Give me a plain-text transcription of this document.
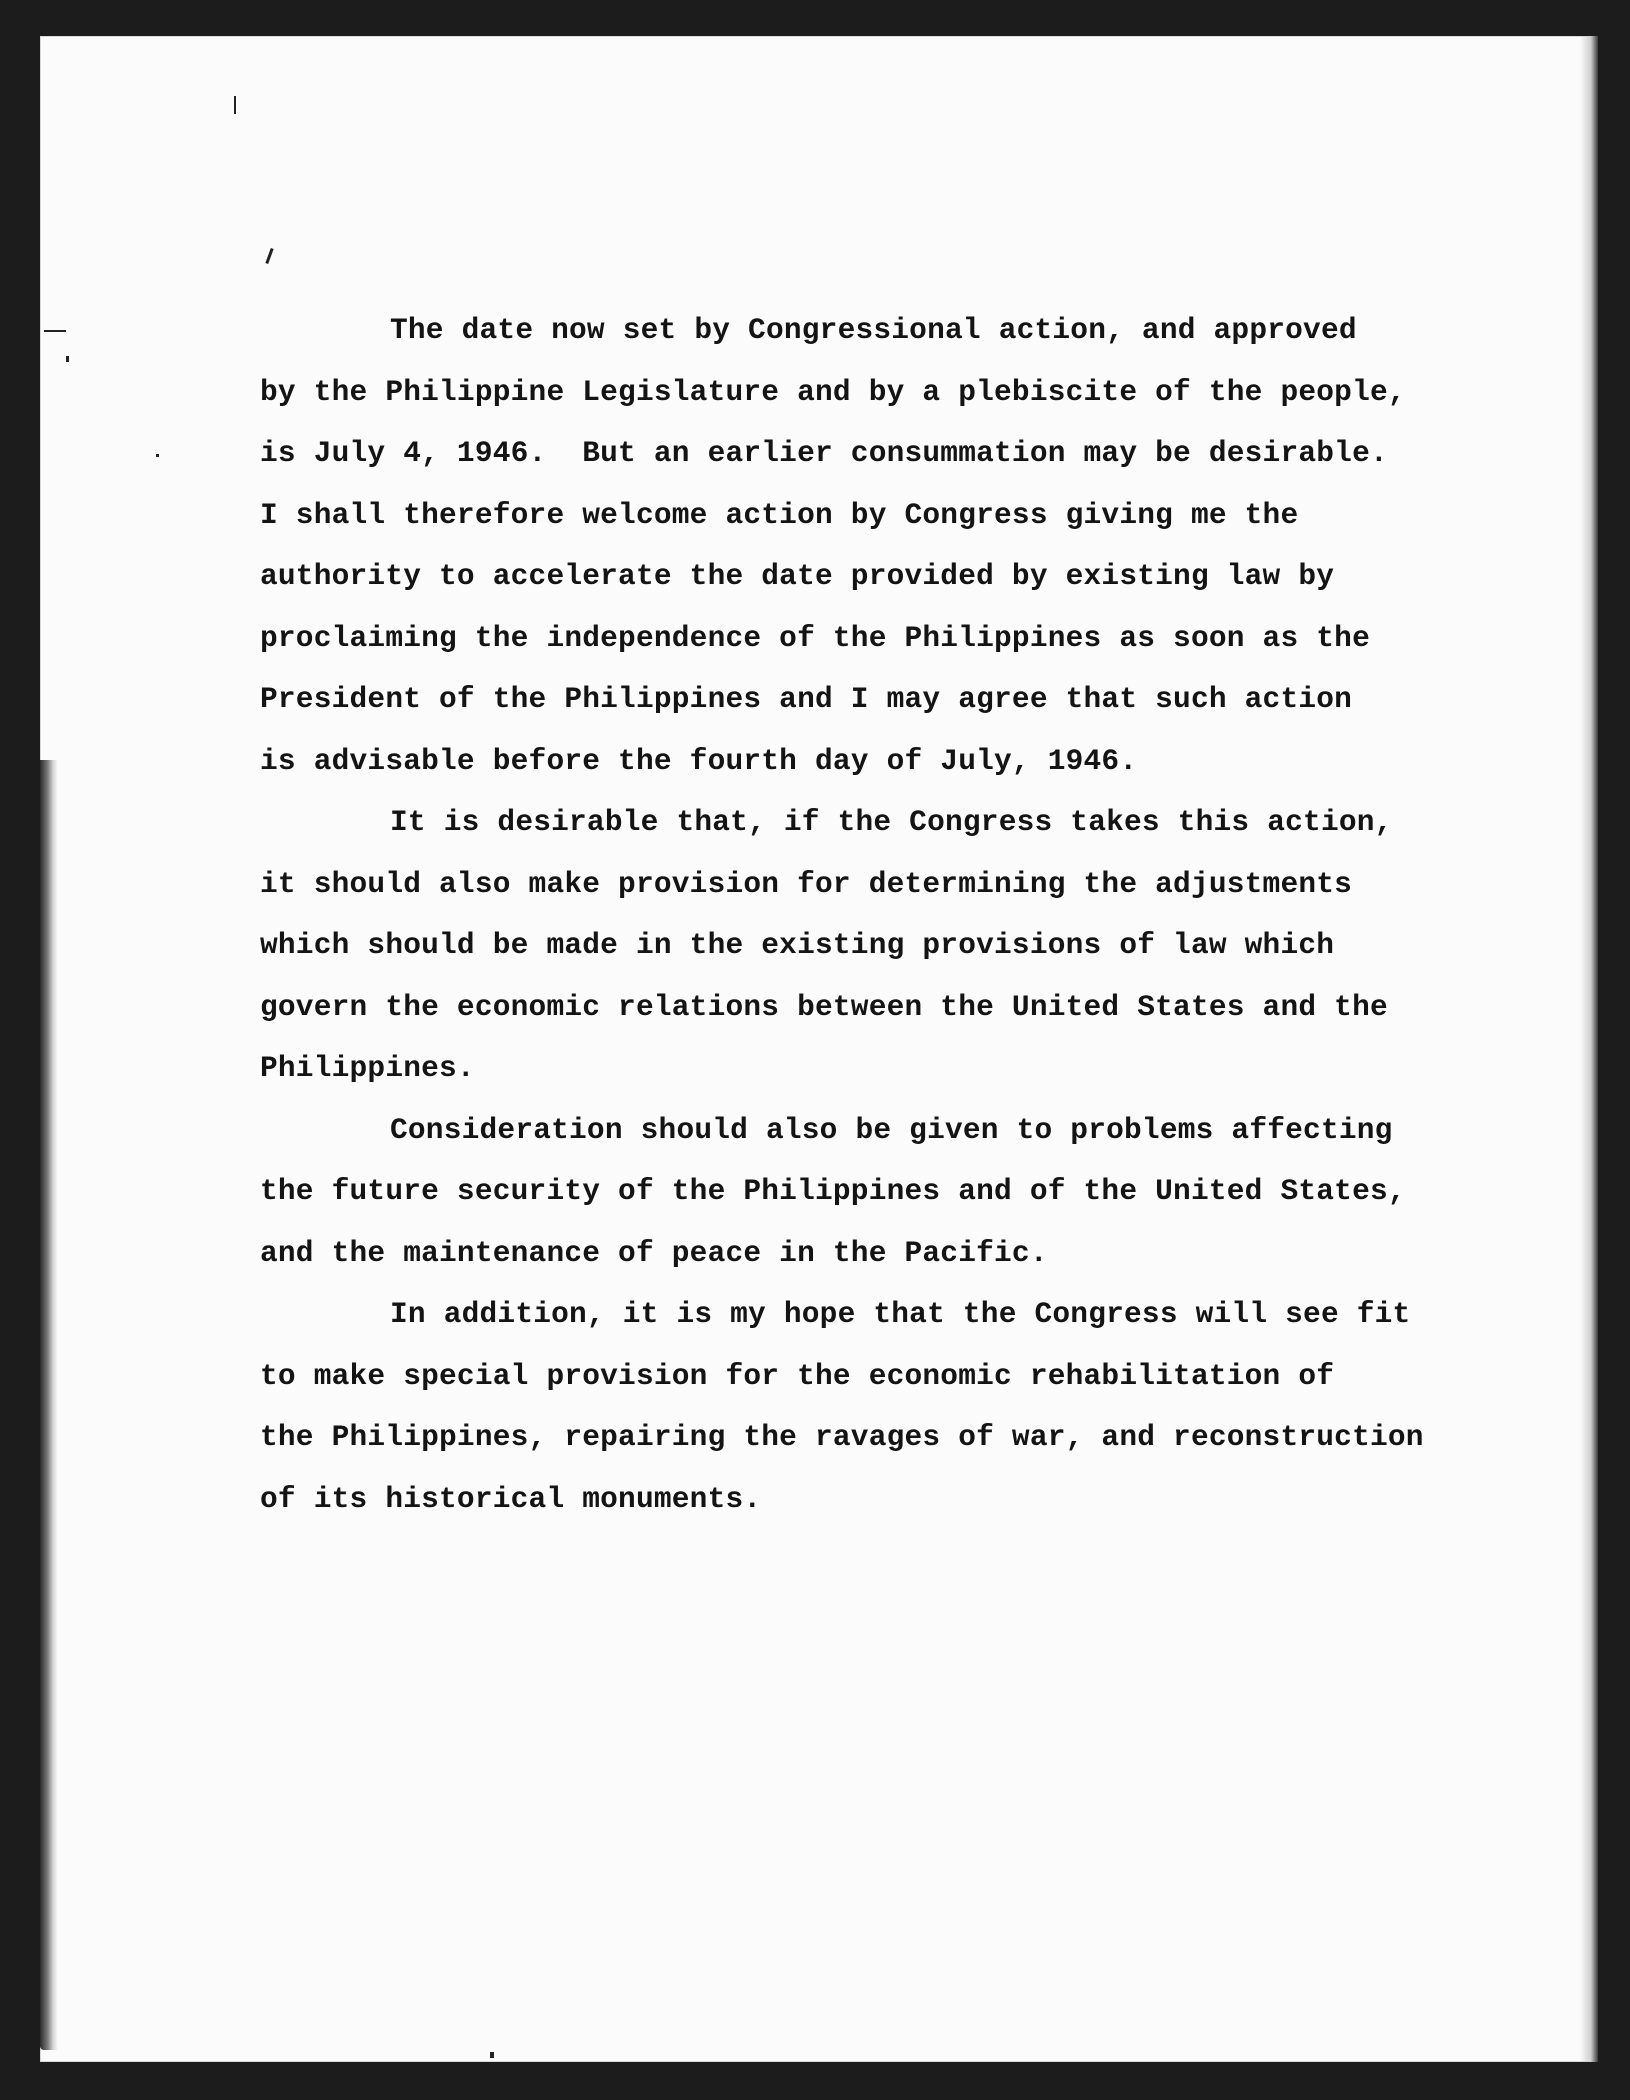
The date now set by Congressional action, and approved
by the Philippine Legislature and by a plebiscite of the people,
is July 4, 1946.  But an earlier consummation may be desirable.
I shall therefore welcome action by Congress giving me the
authority to accelerate the date provided by existing law by
proclaiming the independence of the Philippines as soon as the
President of the Philippines and I may agree that such action
is advisable before the fourth day of July, 1946.
It is desirable that, if the Congress takes this action,
it should also make provision for determining the adjustments
which should be made in the existing provisions of law which
govern the economic relations between the United States and the
Philippines.
Consideration should also be given to problems affecting
the future security of the Philippines and of the United States,
and the maintenance of peace in the Pacific.
In addition, it is my hope that the Congress will see fit
to make special provision for the economic rehabilitation of
the Philippines, repairing the ravages of war, and reconstruction
of its historical monuments.
